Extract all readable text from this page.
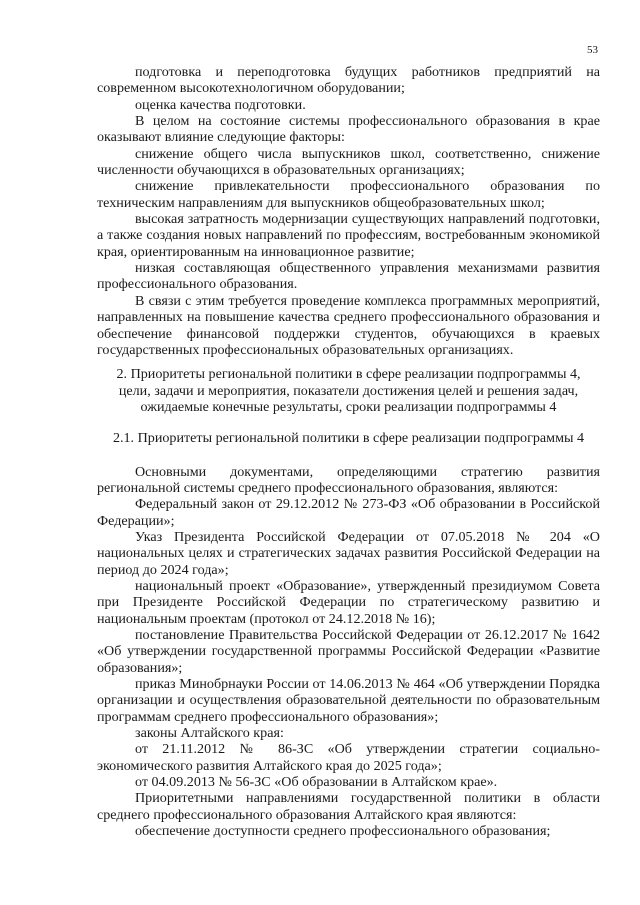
53

подготовка и переподготовка будущих работников предприятий на современном высокотехнологичном оборудовании;

оценка качества подготовки.

В целом на состояние системы профессионального образования в крае оказывают влияние следующие факторы:

снижение общего числа выпускников школ, соответственно, снижение численности обучающихся в образовательных организациях;

снижение привлекательности профессионального образования по техническим направлениям для выпускников общеобразовательных школ;

высокая затратность модернизации существующих направлений подготовки, а также создания новых направлений по профессиям, востребованным экономикой края, ориентированным на инновационное развитие;

низкая составляющая общественного управления механизмами развития профессионального образования.

В связи с этим требуется проведение комплекса программных мероприятий, направленных на повышение качества среднего профессионального образования и обеспечение финансовой поддержки студентов, обучающихся в краевых государственных профессиональных образовательных организациях.

2. Приоритеты региональной политики в сфере реализации подпрограммы 4,
цели, задачи и мероприятия, показатели достижения целей и решения задач,
ожидаемые конечные результаты, сроки реализации подпрограммы 4
2.1. Приоритеты региональной политики в сфере реализации подпрограммы 4

Основными документами, определяющими стратегию развития региональной системы среднего профессионального образования, являются:

Федеральный закон от 29.12.2012 № 273-ФЗ «Об образовании в Российской Федерации»;

Указ Президента Российской Федерации от 07.05.2018 № 204 «О национальных целях и стратегических задачах развития Российской Федерации на период до 2024 года»;

национальный проект «Образование», утвержденный президиумом Совета при Президенте Российской Федерации по стратегическому развитию и национальным проектам (протокол от 24.12.2018 № 16);

постановление Правительства Российской Федерации от 26.12.2017 № 1642 «Об утверждении государственной программы Российской Федерации «Развитие образования»;

приказ Минобрнауки России от 14.06.2013 № 464 «Об утверждении Порядка организации и осуществления образовательной деятельности по образовательным программам среднего профессионального образования»;

законы Алтайского края:

от 21.11.2012 № 86-ЗС «Об утверждении стратегии социально-экономического развития Алтайского края до 2025 года»;

от 04.09.2013 № 56-ЗС «Об образовании в Алтайском крае».

Приоритетными направлениями государственной политики в области среднего профессионального образования Алтайского края являются:

обеспечение доступности среднего профессионального образования;
